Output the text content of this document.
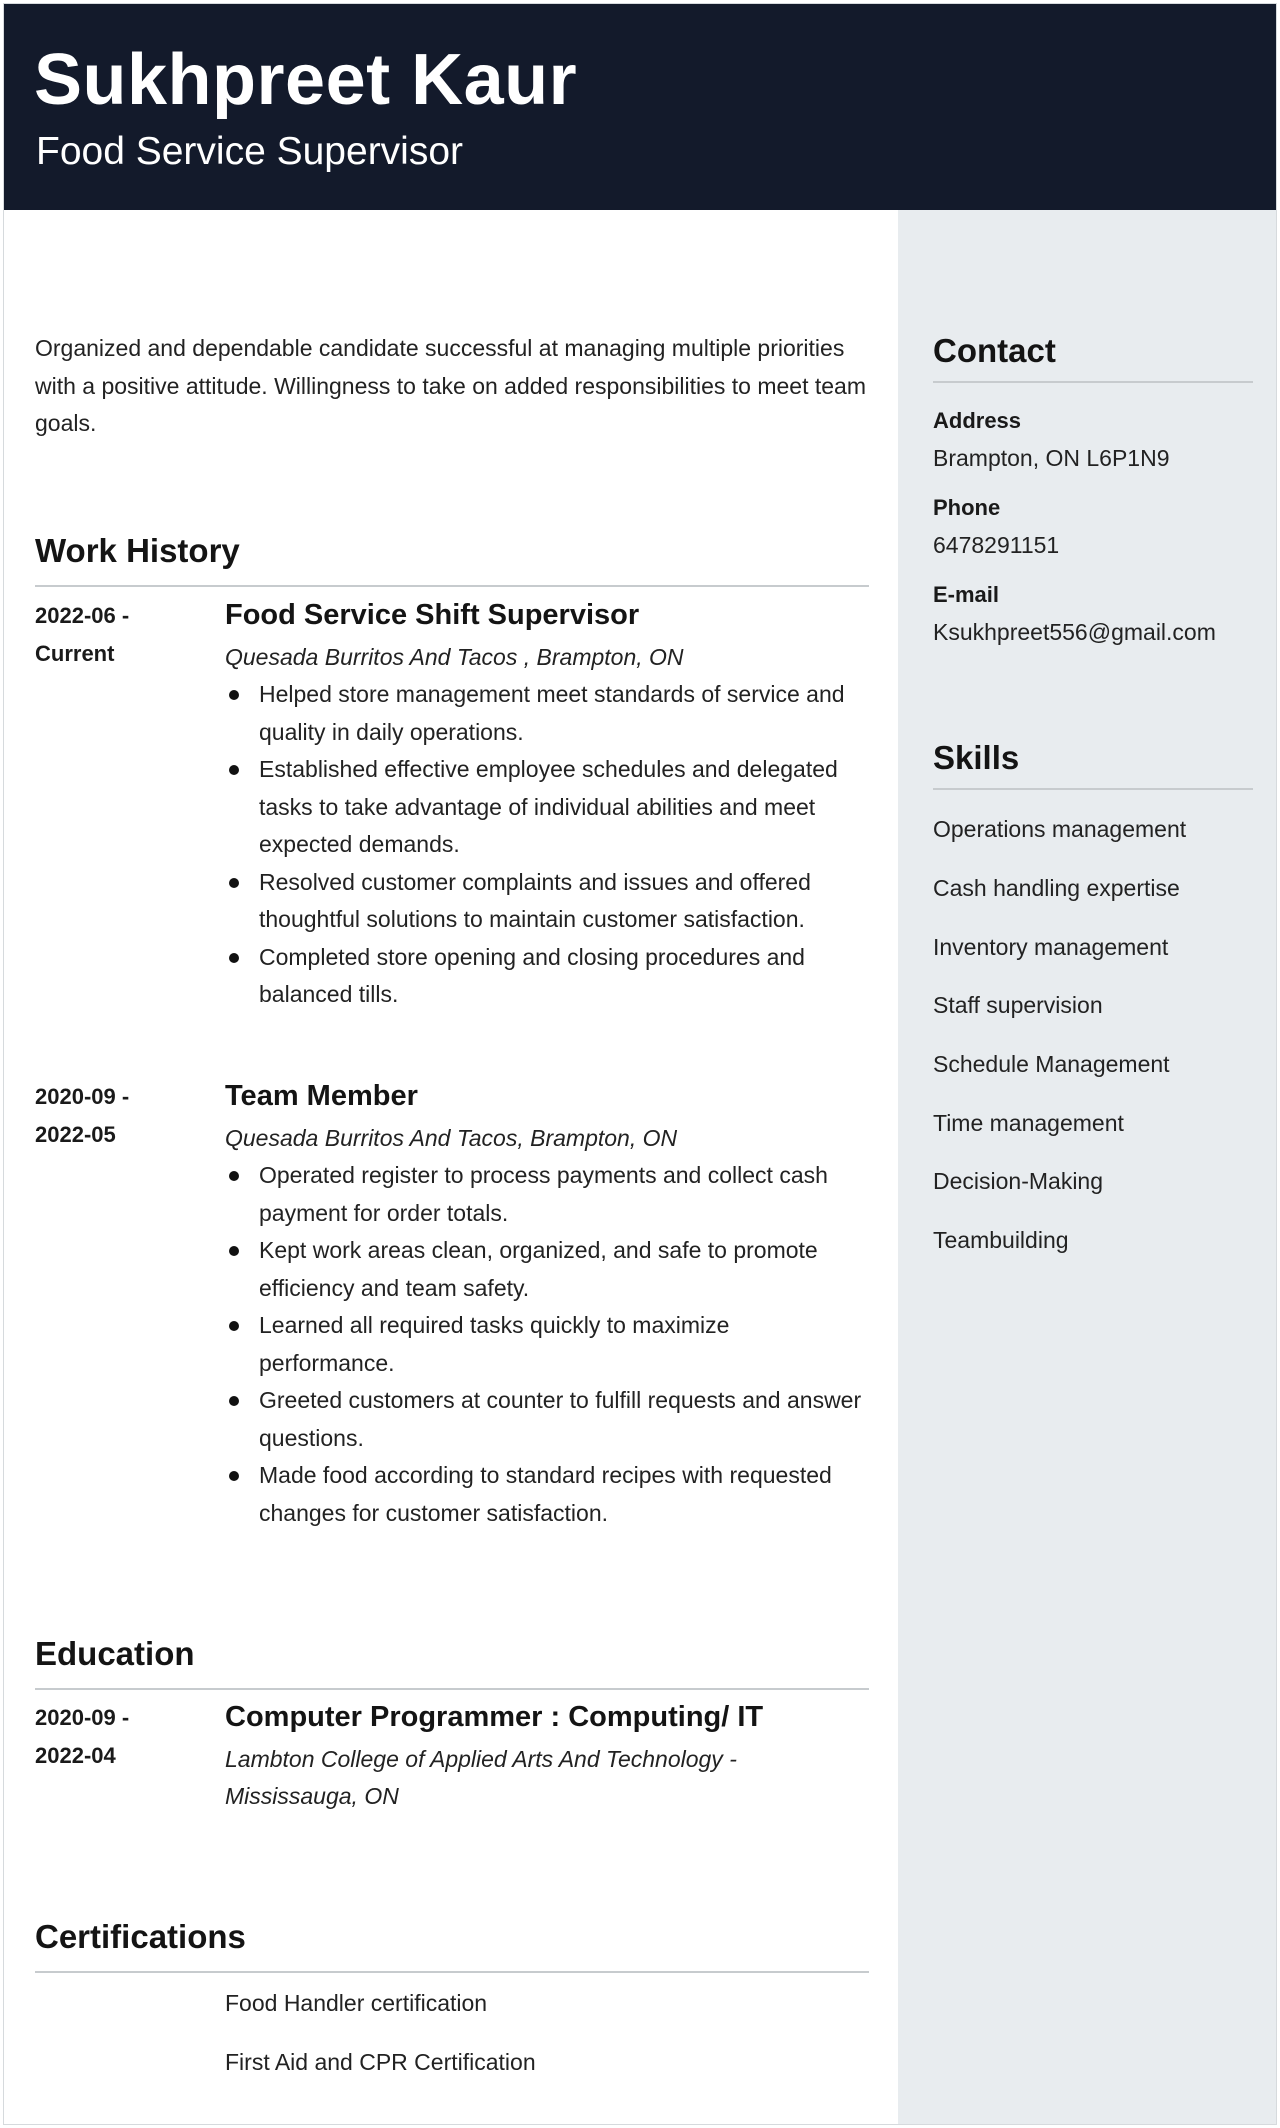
Sukhpreet Kaur
Food Service Supervisor
Contact
Address
Brampton, ON L6P1N9
Phone
6478291151
E-mail
Ksukhpreet556@gmail.com
Skills
Operations management
Cash handling expertise
Inventory management
Staff supervision
Schedule Management
Time management
Decision-Making
Teambuilding
Organized and dependable candidate successful at managing multiple priorities with a positive attitude. Willingness to take on added responsibilities to meet team goals.
Work History
2022-06 -
Current
Food Service Shift Supervisor
Quesada Burritos And Tacos , Brampton, ON
Helped store management meet standards of service and quality in daily operations.
Established effective employee schedules and delegated tasks to take advantage of individual abilities and meet expected demands.
Resolved customer complaints and issues and offered thoughtful solutions to maintain customer satisfaction.
Completed store opening and closing procedures and balanced tills.
2020-09 -
2022-05
Team Member
Quesada Burritos And Tacos, Brampton, ON
Operated register to process payments and collect cash payment for order totals.
Kept work areas clean, organized, and safe to promote efficiency and team safety.
Learned all required tasks quickly to maximize performance.
Greeted customers at counter to fulfill requests and answer questions.
Made food according to standard recipes with requested changes for customer satisfaction.
Education
2020-09 -
2022-04
Computer Programmer : Computing/ IT
Lambton College of Applied Arts And Technology - Mississauga, ON
Certifications
Food Handler certification
First Aid and CPR Certification
